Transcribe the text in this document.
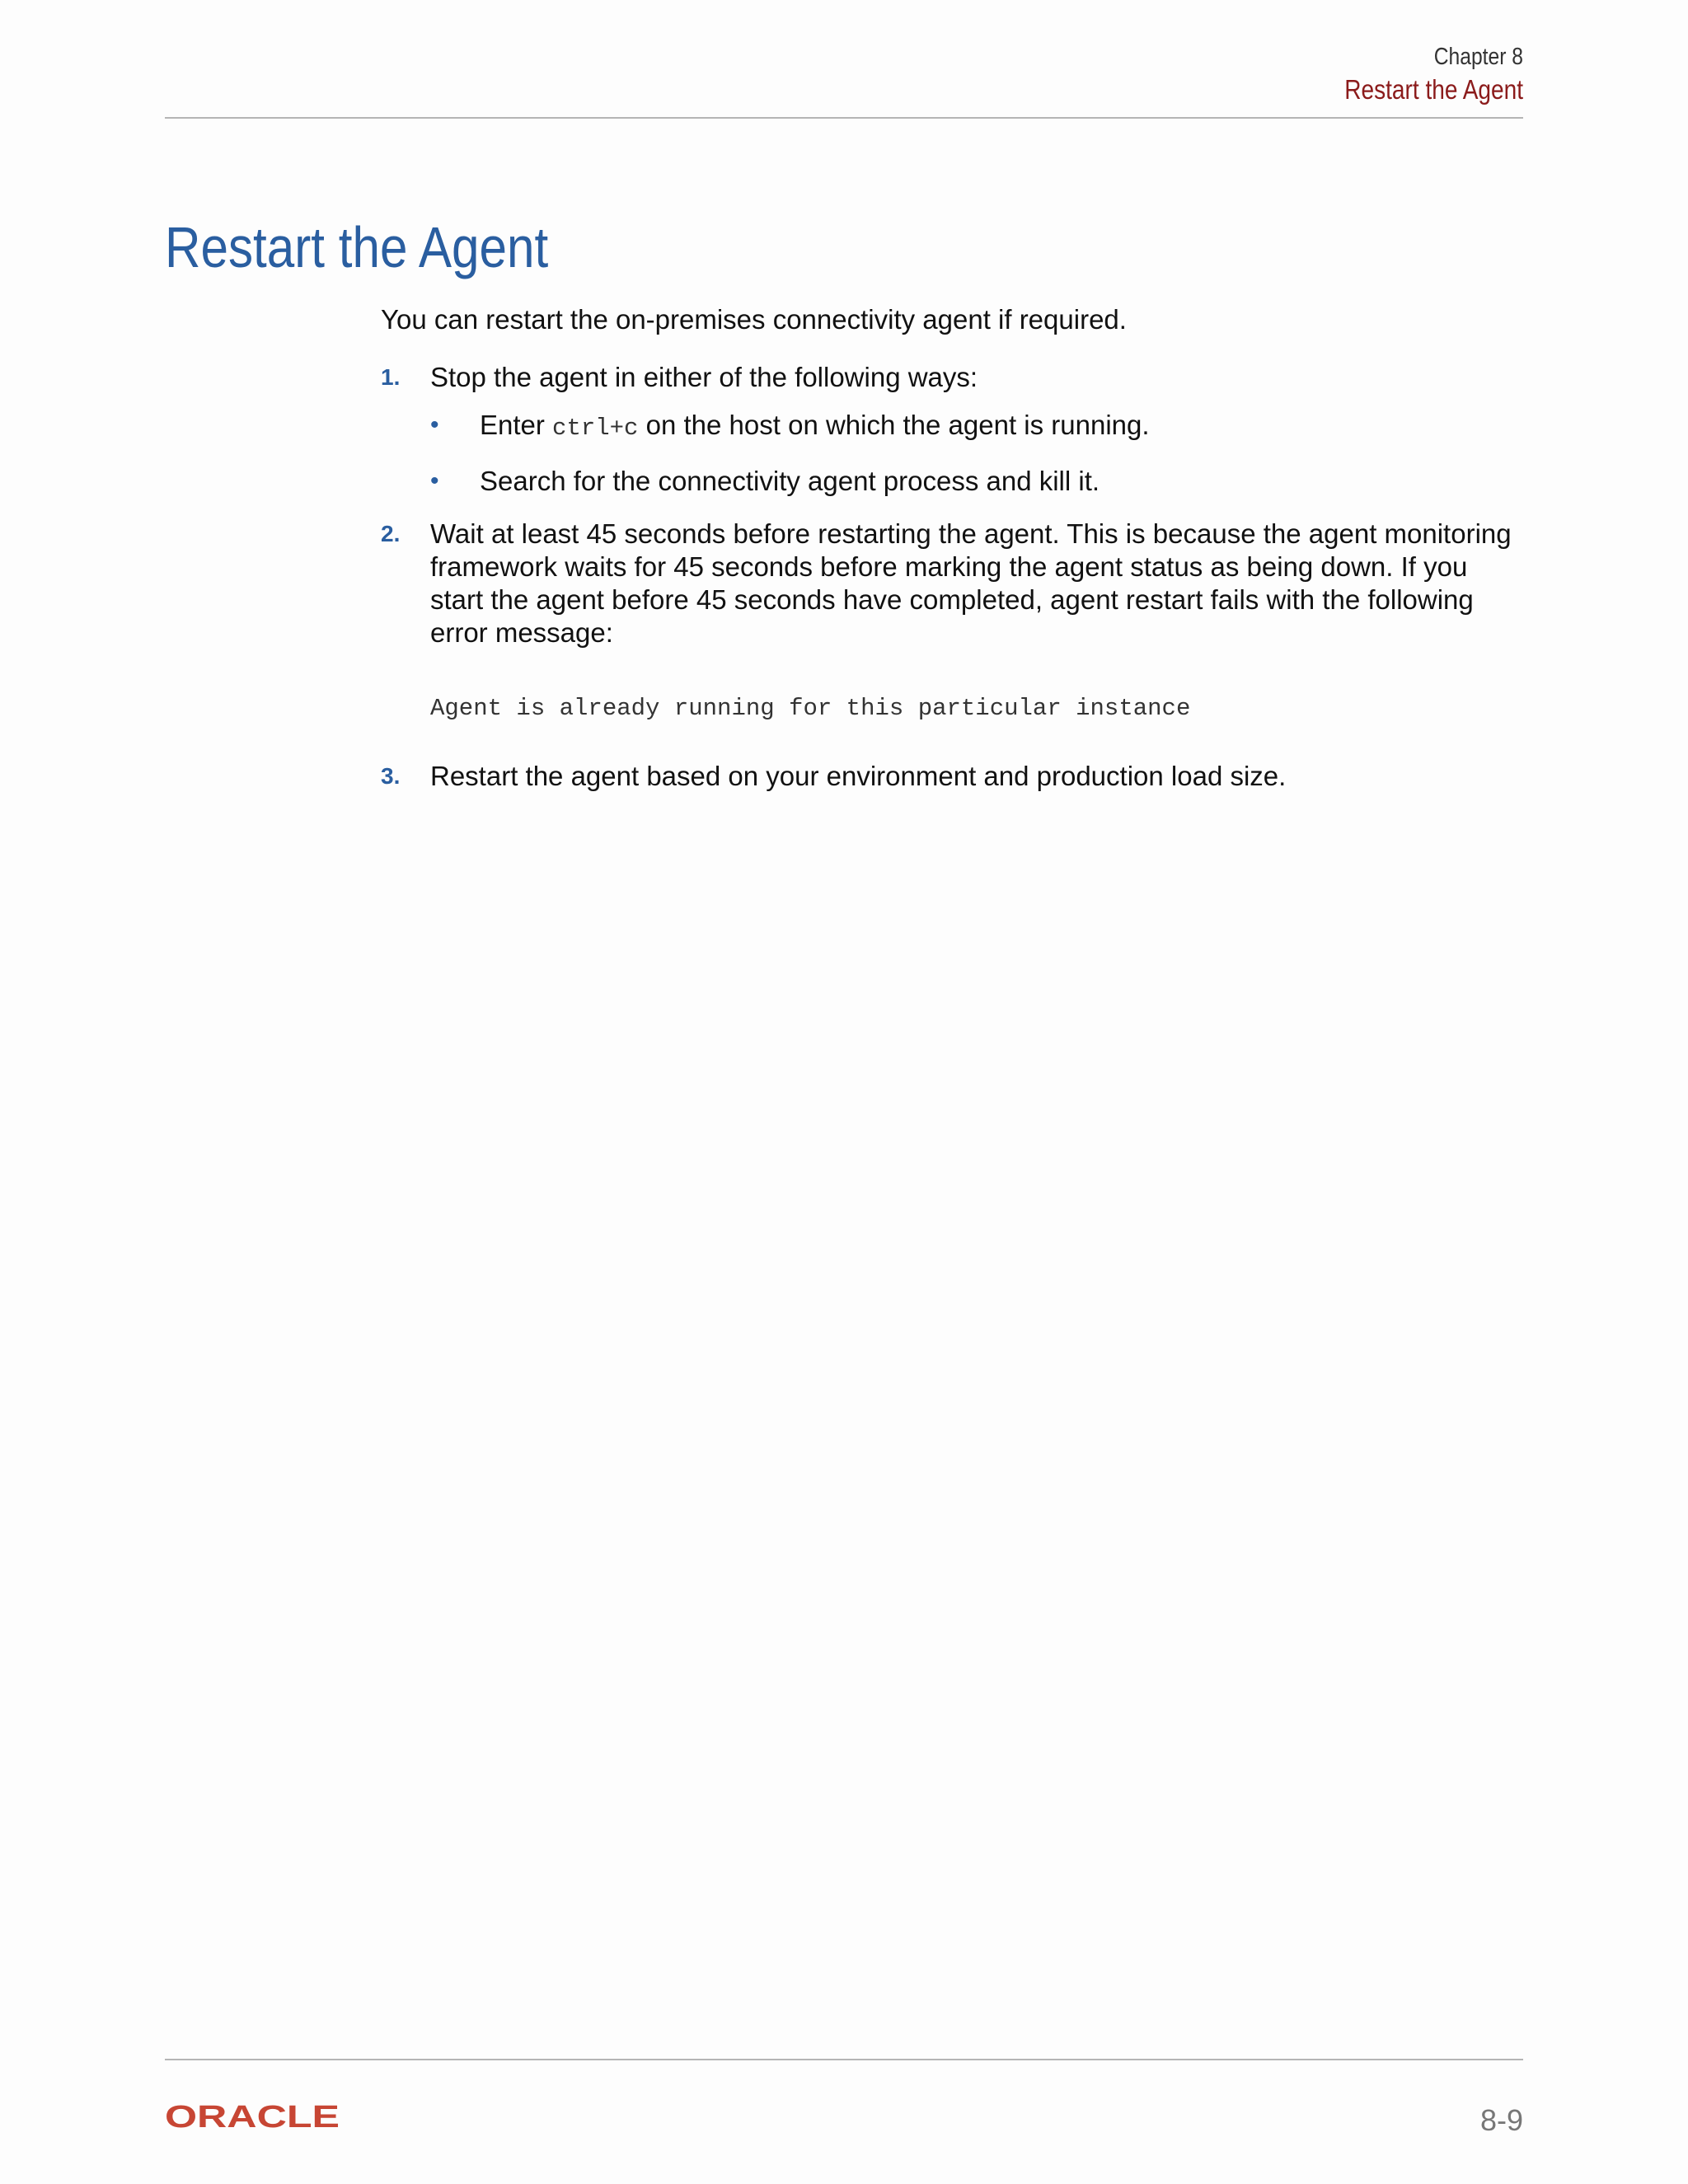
Chapter 8
Restart the Agent
Restart the Agent

You can restart the on-premises connectivity agent if required.

1. Stop the agent in either of the following ways:
• Enter ctrl+c on the host on which the agent is running.
• Search for the connectivity agent process and kill it.
2. Wait at least 45 seconds before restarting the agent. This is because the agent monitoring framework waits for 45 seconds before marking the agent status as being down. If you start the agent before 45 seconds have completed, agent restart fails with the following error message:
Agent is already running for this particular instance
3. Restart the agent based on your environment and production load size.
ORACLE	8-9
